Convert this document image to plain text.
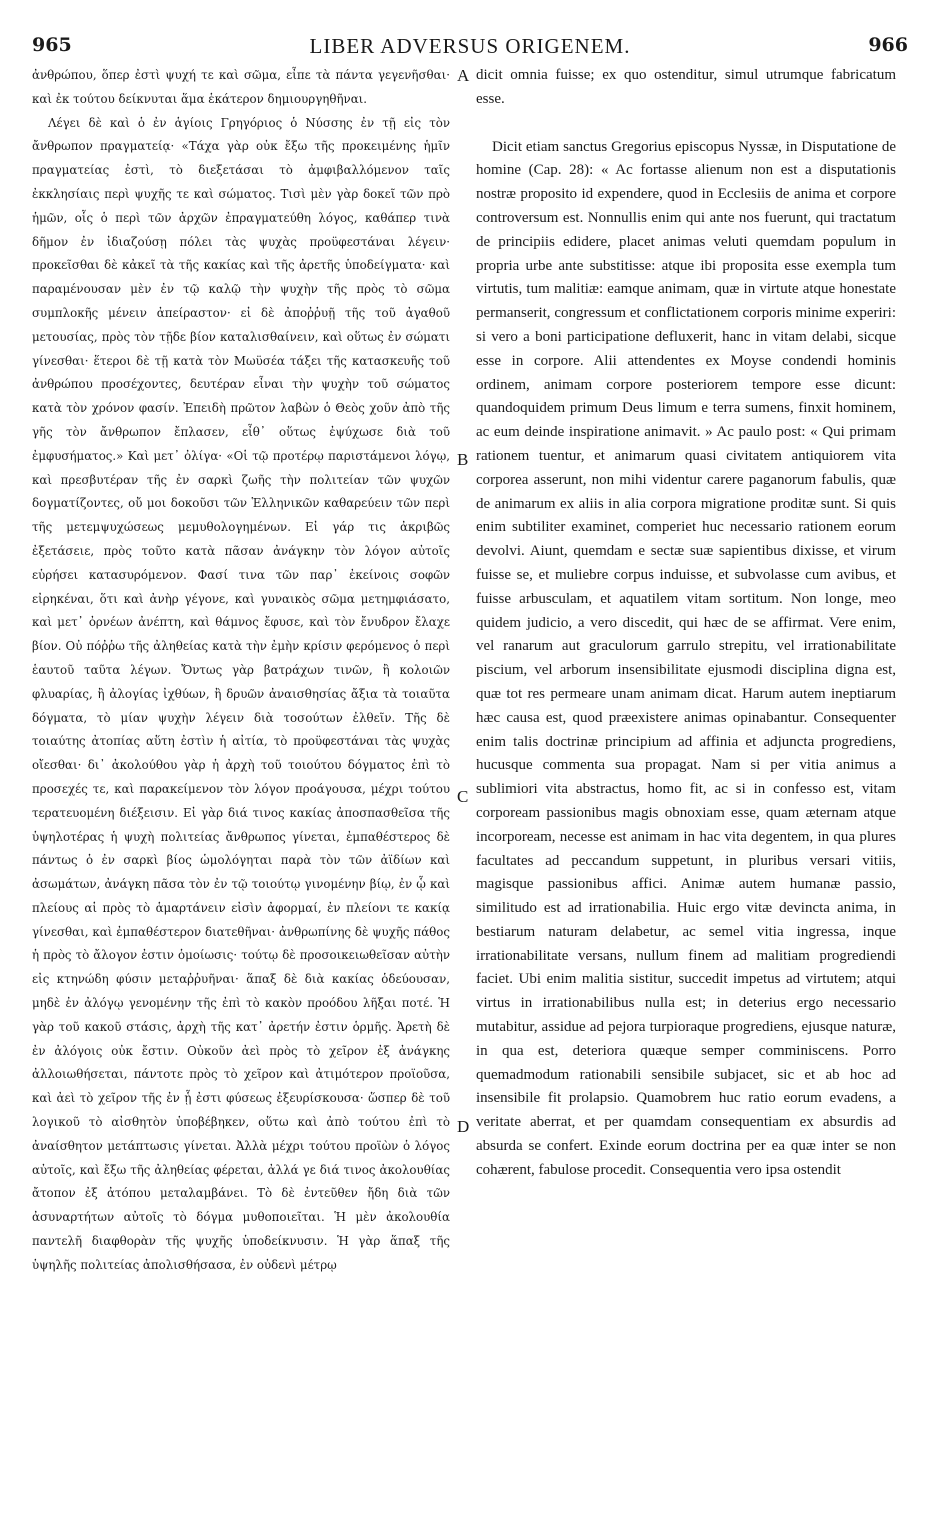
965	LIBER ADVERSUS ORIGENEM.	966

ἀνθρώπου, ὅπερ ἐστὶ ψυχή τε καὶ σῶμα, εἶπε τὰ πάντα γεγενῆσθαι· καὶ ἐκ τούτου δείκνυται ἅμα ἑκάτερον δημιουργηθῆναι.

Λέγει δὲ καὶ ὁ ἐν ἁγίοις Γρηγόριος ὁ Νύσσης ἐν τῇ εἰς τὸν ἄνθρωπον πραγματείᾳ· «Τάχα γὰρ οὐκ ἔξω τῆς προκειμένης ἡμῖν πραγματείας ἐστὶ, τὸ διεξετάσαι τὸ ἀμφιβαλλόμενον ταῖς ἐκκλησίαις περὶ ψυχῆς τε καὶ σώματος. Τισὶ μὲν γὰρ δοκεῖ τῶν πρὸ ἡμῶν, οἷς ὁ περὶ τῶν ἀρχῶν ἐπραγματεύθη λόγος, καθάπερ τινὰ δῆμον ἐν ἰδιαζούσῃ πόλει τὰς ψυχὰς προϋφεστάναι λέγειν· προκεῖσθαι δὲ κἀκεῖ τὰ τῆς κακίας καὶ τῆς ἀρετῆς ὑποδείγματα· καὶ παραμένουσαν μὲν ἐν τῷ καλῷ τὴν ψυχὴν τῆς πρὸς τὸ σῶμα συμπλοκῆς μένειν ἀπείραστον· εἰ δὲ ἀποῤῥυῇ τῆς τοῦ ἀγαθοῦ μετουσίας, πρὸς τὸν τῇδε βίον καταλισθαίνειν, καὶ οὕτως ἐν σώματι γίνεσθαι· ἕτεροι δὲ τῇ κατὰ τὸν Μωϋσέα τάξει τῆς κατασκευῆς τοῦ ἀνθρώπου προσέχοντες, δευτέραν εἶναι τὴν ψυχὴν τοῦ σώματος κατὰ τὸν χρόνον φασίν. Ἐπειδὴ πρῶτον λαβὼν ὁ Θεὸς χοῦν ἀπὸ τῆς γῆς τὸν ἄνθρωπον ἔπλασεν, εἶθ᾽ οὕτως ἐψύχωσε διὰ τοῦ ἐμφυσήματος.» Καὶ μετ᾽ ὀλίγα· «Οἱ τῷ προτέρῳ παριστάμενοι λόγῳ, καὶ πρεσβυτέραν τῆς ἐν σαρκὶ ζωῆς τὴν πολιτείαν τῶν ψυχῶν δογματίζοντες, οὔ μοι δοκοῦσι τῶν Ἑλληνικῶν καθαρεύειν τῶν περὶ τῆς μετεμψυχώσεως μεμυθολογημένων. Εἰ γάρ τις ἀκριβῶς ἐξετάσειε, πρὸς τοῦτο κατὰ πᾶσαν ἀνάγκην τὸν λόγον αὐτοῖς εὑρήσει κατασυρόμενον. Φασί τινα τῶν παρ᾽ ἐκείνοις σοφῶν εἰρηκέναι, ὅτι καὶ ἀνὴρ γέγονε, καὶ γυναικὸς σῶμα μετημφιάσατο, καὶ μετ᾽ ὀρνέων ἀνέπτη, καὶ θάμνος ἔφυσε, καὶ τὸν ἔνυδρον ἔλαχε βίον. Οὐ πόῤῥω τῆς ἀληθείας κατὰ τὴν ἐμὴν κρίσιν φερόμενος ὁ περὶ ἑαυτοῦ ταῦτα λέγων. Ὄντως γὰρ βατράχων τινῶν, ἢ κολοιῶν φλυαρίας, ἢ ἀλογίας ἰχθύων, ἢ δρυῶν ἀναισθησίας ἄξια τὰ τοιαῦτα δόγματα, τὸ μίαν ψυχὴν λέγειν διὰ τοσούτων ἐλθεῖν. Τῆς δὲ τοιαύτης ἀτοπίας αὕτη ἐστὶν ἡ αἰτία, τὸ προϋφεστάναι τὰς ψυχὰς οἴεσθαι· δι᾽ ἀκολούθου γὰρ ἡ ἀρχὴ τοῦ τοιούτου δόγματος ἐπὶ τὸ προσεχές τε, καὶ παρακείμενον τὸν λόγον προάγουσα, μέχρι τούτου τερατευομένη διέξεισιν. Εἰ γὰρ διά τινος κακίας ἀποσπασθεῖσα τῆς ὑψηλοτέρας ἡ ψυχὴ πολιτείας ἄνθρωπος γίνεται, ἐμπαθέστερος δὲ πάντως ὁ ἐν σαρκὶ βίος ὡμολόγηται παρὰ τὸν τῶν ἀϊδίων καὶ ἀσωμάτων, ἀνάγκη πᾶσα τὸν ἐν τῷ τοιούτῳ γινομένην βίῳ, ἐν ᾧ καὶ πλείους αἱ πρὸς τὸ ἁμαρτάνειν εἰσὶν ἀφορμαί, ἐν πλείονι τε κακίᾳ γίνεσθαι, καὶ ἐμπαθέστερον διατεθῆναι· ἀνθρωπίνης δὲ ψυχῆς πάθος ἡ πρὸς τὸ ἄλογον ἐστιν ὁμοίωσις· τούτῳ δὲ προσοικειωθεῖσαν αὐτὴν εἰς κτηνώδη φύσιν μεταῤῥυῆναι· ἅπαξ δὲ διὰ κακίας ὁδεύουσαν, μηδὲ ἐν ἀλόγῳ γενομένην τῆς ἐπὶ τὸ κακὸν προόδου λῆξαι ποτέ. Ἡ γὰρ τοῦ κακοῦ στάσις, ἀρχὴ τῆς κατ᾽ ἀρετήν ἐστιν ὁρμῆς. Ἀρετὴ δὲ ἐν ἀλόγοις οὐκ ἔστιν. Οὐκοῦν ἀεὶ πρὸς τὸ χεῖρον ἐξ ἀνάγκης ἀλλοιωθήσεται, πάντοτε πρὸς τὸ χεῖρον καὶ ἀτιμότερον προϊοῦσα, καὶ ἀεὶ τὸ χεῖρον τῆς ἐν ᾗ ἐστι φύσεως ἐξευρίσκουσα· ὥσπερ δὲ τοῦ λογικοῦ τὸ αἰσθητὸν ὑποβέβηκεν, οὕτω καὶ ἀπὸ τούτου ἐπὶ τὸ ἀναίσθητον μετάπτωσις γίνεται. Ἀλλὰ μέχρι τούτου προϊὼν ὁ λόγος αὐτοῖς, καὶ ἔξω τῆς ἀληθείας φέρεται, ἀλλά γε διά τινος ἀκολουθίας ἄτοπον ἐξ ἀτόπου μεταλαμβάνει. Τὸ δὲ ἐντεῦθεν ἤδη διὰ τῶν ἀσυναρτήτων αὐτοῖς τὸ δόγμα μυθοποιεῖται. Ἡ μὲν ἀκολουθία παντελῆ διαφθορὰν τῆς ψυχῆς ὑποδείκνυσιν. Ἡ γὰρ ἅπαξ τῆς ὑψηλῆς πολιτείας ἀπολισθήσασα, ἐν οὐδενὶ μέτρῳ

dicit omnia fuisse; ex quo ostenditur, simul utrumque fabricatum esse.

Dicit etiam sanctus Gregorius episcopus Nyssæ, in Disputatione de homine (Cap. 28): « Ac fortasse alienum non est a disputationis nostræ proposito id expendere, quod in Ecclesiis de anima et corpore controversum est. Nonnullis enim qui ante nos fuerunt, qui tractatum de principiis edidere, placet animas veluti quemdam populum in propria urbe ante substitisse: atque ibi proposita esse exempla tum virtutis, tum malitiæ: eamque animam, quæ in virtute atque honestate permanserit, congressum et conflictationem corporis minime experiri: si vero a boni participatione defluxerit, hanc in vitam delabi, sicque esse in corpore. Alii attendentes ex Moyse condendi hominis ordinem, animam corpore posteriorem tempore esse dicunt: quandoquidem primum Deus limum e terra sumens, finxit hominem, ac eum deinde inspiratione animavit. » Ac paulo post: « Qui primam rationem tuentur, et animarum quasi civitatem antiquiorem vita corporea asserunt, non mihi videntur carere paganorum fabulis, quæ de animarum ex aliis in alia corpora migratione proditæ sunt. Si quis enim subtiliter examinet, comperiet huc necessario rationem eorum devolvi. Aiunt, quemdam e sectæ suæ sapientibus dixisse, et virum fuisse se, et muliebre corpus induisse, et subvolasse cum avibus, et fuisse arbusculam, et aquatilem vitam sortitum. Non longe, meo quidem judicio, a vero discedit, qui hæc de se affirmat. Vere enim, vel ranarum aut graculorum garrulo strepitu, vel irrationabilitate piscium, vel arborum insensibilitate ejusmodi disciplina digna est, quæ tot res permeare unam animam dicat. Harum autem ineptiarum hæc causa est, quod præexistere animas opinabantur. Consequenter enim talis doctrinæ principium ad affinia et adjuncta progrediens, hucusque commenta sua propagat. Nam si per vitia animus a sublimiori vita abstractus, homo fit, ac si in confesso est, vitam corpoream passionibus magis obnoxiam esse, quam æternam atque incorpoream, necesse est animam in hac vita degentem, in qua plures facultates ad peccandum suppetunt, in pluribus versari vitiis, magisque passionibus affici. Animæ autem humanæ passio, similitudo est ad irrationabilia. Huic ergo vitæ devincta anima, in bestiarum naturam delabetur, ac semel vitia ingressa, inque irrationabilitate versans, nullum finem ad malitiam progrediendi faciet. Ubi enim malitia sistitur, succedit impetus ad virtutem; atqui virtus in irrationabilibus nulla est; in deterius ergo necessario mutabitur, assidue ad pejora turpioraque progrediens, ejusque naturæ, in qua est, deteriora quæque semper comminiscens. Porro quemadmodum rationabili sensibile subjacet, sic et ab hoc ad insensibile fit prolapsio. Quamobrem huc ratio eorum evadens, a veritate aberrat, et per quamdam consequentiam ex absurdis ad absurda se confert. Exinde eorum doctrina per ea quæ inter se non cohærent, fabulose procedit. Consequentia vero ipsa ostendit

A
B
C
D
